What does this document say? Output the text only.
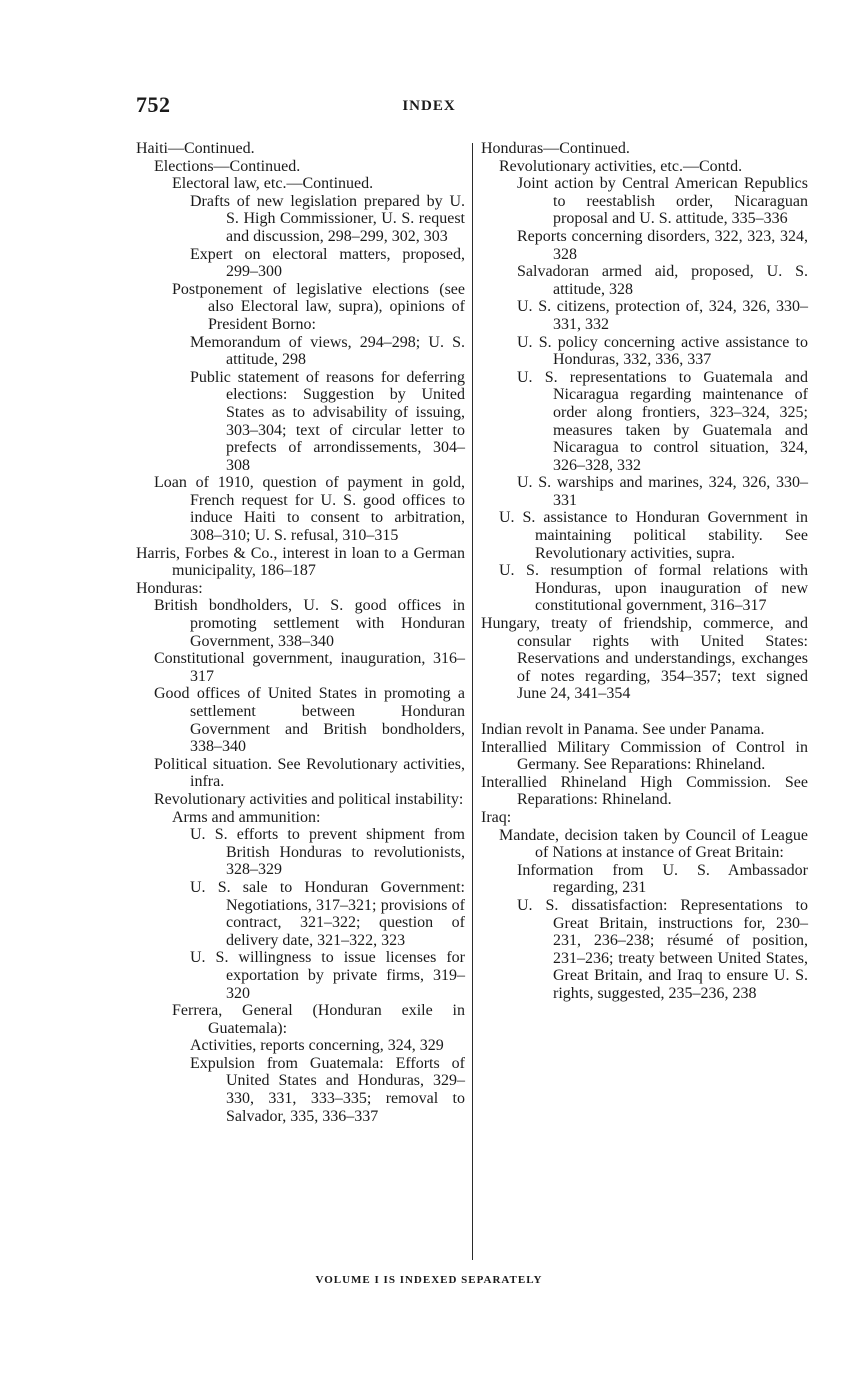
752	INDEX
Haiti—Continued.
Elections—Continued.
Electoral law, etc.—Continued.
Drafts of new legislation prepared by U. S. High Commissioner, U. S. request and discussion, 298–299, 302, 303
Expert on electoral matters, proposed, 299–300
Postponement of legislative elections (see also Electoral law, supra), opinions of President Borno:
Memorandum of views, 294–298; U. S. attitude, 298
Public statement of reasons for deferring elections: Suggestion by United States as to advisability of issuing, 303–304; text of circular letter to prefects of arrondissements, 304–308
Loan of 1910, question of payment in gold, French request for U. S. good offices to induce Haiti to consent to arbitration, 308–310; U. S. refusal, 310–315
Harris, Forbes & Co., interest in loan to a German municipality, 186–187
Honduras:
British bondholders, U. S. good offices in promoting settlement with Honduran Government, 338–340
Constitutional government, inauguration, 316–317
Good offices of United States in promoting a settlement between Honduran Government and British bondholders, 338–340
Political situation. See Revolutionary activities, infra.
Revolutionary activities and political instability:
Arms and ammunition:
U. S. efforts to prevent shipment from British Honduras to revolutionists, 328–329
U. S. sale to Honduran Government: Negotiations, 317–321; provisions of contract, 321–322; question of delivery date, 321–322, 323
U. S. willingness to issue licenses for exportation by private firms, 319–320
Ferrera, General (Honduran exile in Guatemala):
Activities, reports concerning, 324, 329
Expulsion from Guatemala: Efforts of United States and Honduras, 329–330, 331, 333–335; removal to Salvador, 335, 336–337
Honduras—Continued.
Revolutionary activities, etc.—Contd.
Joint action by Central American Republics to reestablish order, Nicaraguan proposal and U. S. attitude, 335–336
Reports concerning disorders, 322, 323, 324, 328
Salvadoran armed aid, proposed, U. S. attitude, 328
U. S. citizens, protection of, 324, 326, 330–331, 332
U. S. policy concerning active assistance to Honduras, 332, 336, 337
U. S. representations to Guatemala and Nicaragua regarding maintenance of order along frontiers, 323–324, 325; measures taken by Guatemala and Nicaragua to control situation, 324, 326–328, 332
U. S. warships and marines, 324, 326, 330–331
U. S. assistance to Honduran Government in maintaining political stability. See Revolutionary activities, supra.
U. S. resumption of formal relations with Honduras, upon inauguration of new constitutional government, 316–317
Hungary, treaty of friendship, commerce, and consular rights with United States: Reservations and understandings, exchanges of notes regarding, 354–357; text signed June 24, 341–354
Indian revolt in Panama. See under Panama.
Interallied Military Commission of Control in Germany. See Reparations: Rhineland.
Interallied Rhineland High Commission. See Reparations: Rhineland.
Iraq:
Mandate, decision taken by Council of League of Nations at instance of Great Britain:
Information from U. S. Ambassador regarding, 231
U. S. dissatisfaction: Representations to Great Britain, instructions for, 230–231, 236–238; résumé of position, 231–236; treaty between United States, Great Britain, and Iraq to ensure U. S. rights, suggested, 235–236, 238
VOLUME I IS INDEXED SEPARATELY
